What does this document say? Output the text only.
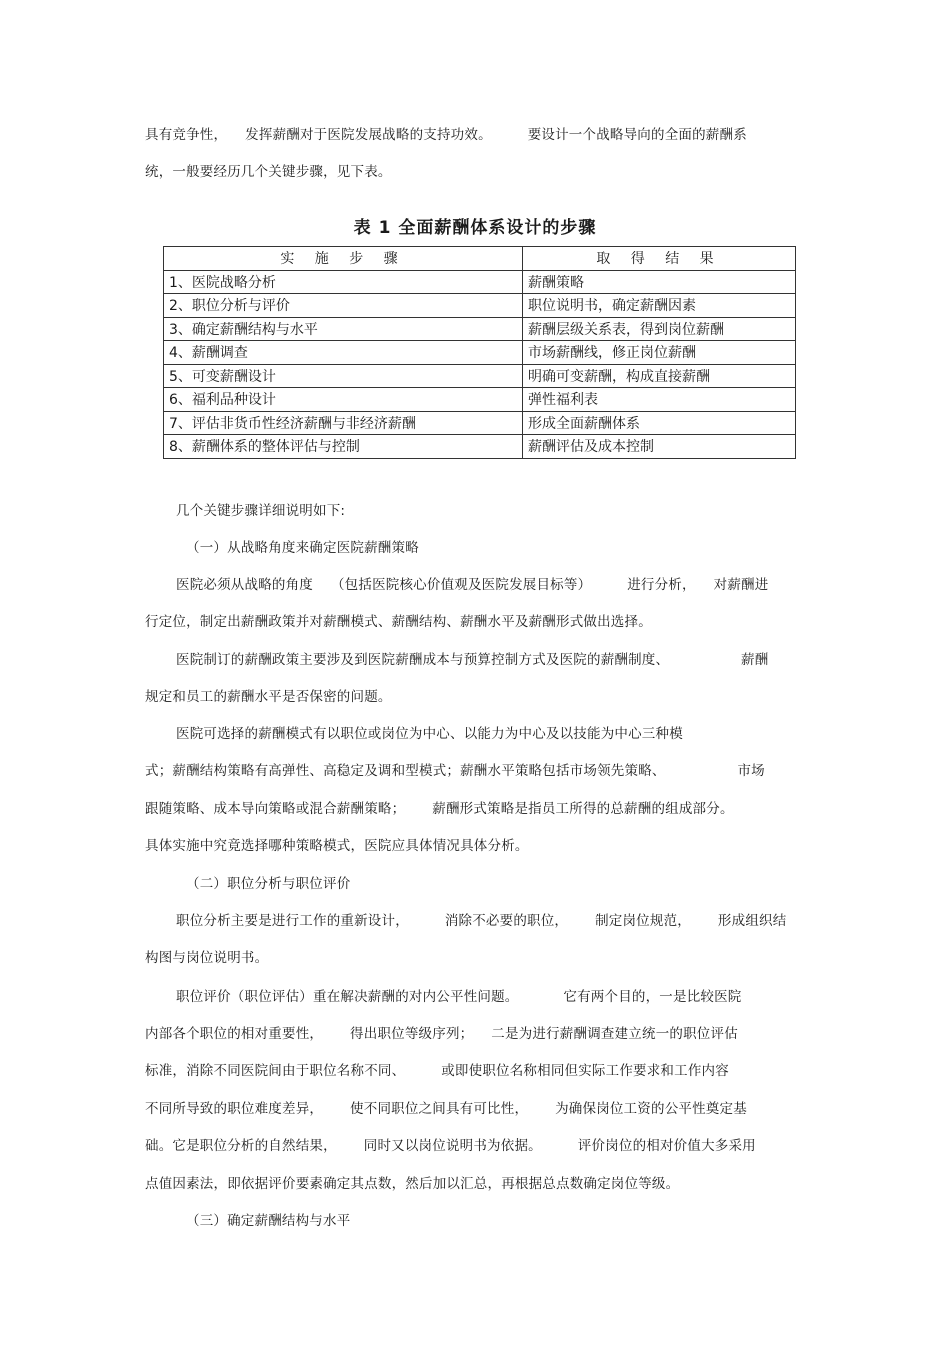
具有竞争性，    发挥薪酬对于医院发展战略的支持功效。        要设计一个战略导向的全面的薪酬系
统，一般要经历几个关键步骤，见下表。
表 1 全面薪酬体系设计的步骤
实 施 步 骤	取 得 结 果
1、医院战略分析	薪酬策略
2、职位分析与评价	职位说明书，确定薪酬因素
3、确定薪酬结构与水平	薪酬层级关系表，得到岗位薪酬
4、薪酬调查	市场薪酬线，修正岗位薪酬
5、可变薪酬设计	明确可变薪酬，构成直接薪酬
6、福利品种设计	弹性福利表
7、评估非货币性经济薪酬与非经济薪酬	形成全面薪酬体系
8、薪酬体系的整体评估与控制	薪酬评估及成本控制
几个关键步骤详细说明如下:
（一）从战略角度来确定医院薪酬策略
医院必须从战略的角度    （包括医院核心价值观及医院发展目标等）        进行分析，    对薪酬进
行定位，制定出薪酬政策并对薪酬模式、薪酬结构、薪酬水平及薪酬形式做出选择。
医院制订的薪酬政策主要涉及到医院薪酬成本与预算控制方式及医院的薪酬制度、                薪酬
规定和员工的薪酬水平是否保密的问题。
医院可选择的薪酬模式有以职位或岗位为中心、以能力为中心及以技能为中心三种模
式；薪酬结构策略有高弹性、高稳定及调和型模式；薪酬水平策略包括市场领先策略、                市场
跟随策略、成本导向策略或混合薪酬策略；      薪酬形式策略是指员工所得的总薪酬的组成部分。
具体实施中究竟选择哪种策略模式，医院应具体情况具体分析。
（二）职位分析与职位评价
职位分析主要是进行工作的重新设计，        消除不必要的职位，      制定岗位规范，      形成组织结
构图与岗位说明书。
职位评价（职位评估）重在解决薪酬的对内公平性问题。          它有两个目的，一是比较医院
内部各个职位的相对重要性，      得出职位等级序列；    二是为进行薪酬调查建立统一的职位评估
标准，消除不同医院间由于职位名称不同、        或即使职位名称相同但实际工作要求和工作内容
不同所导致的职位难度差异，      使不同职位之间具有可比性，      为确保岗位工资的公平性奠定基
础。它是职位分析的自然结果，      同时又以岗位说明书为依据。        评价岗位的相对价值大多采用
点值因素法，即依据评价要素确定其点数，然后加以汇总，再根据总点数确定岗位等级。
（三）确定薪酬结构与水平
